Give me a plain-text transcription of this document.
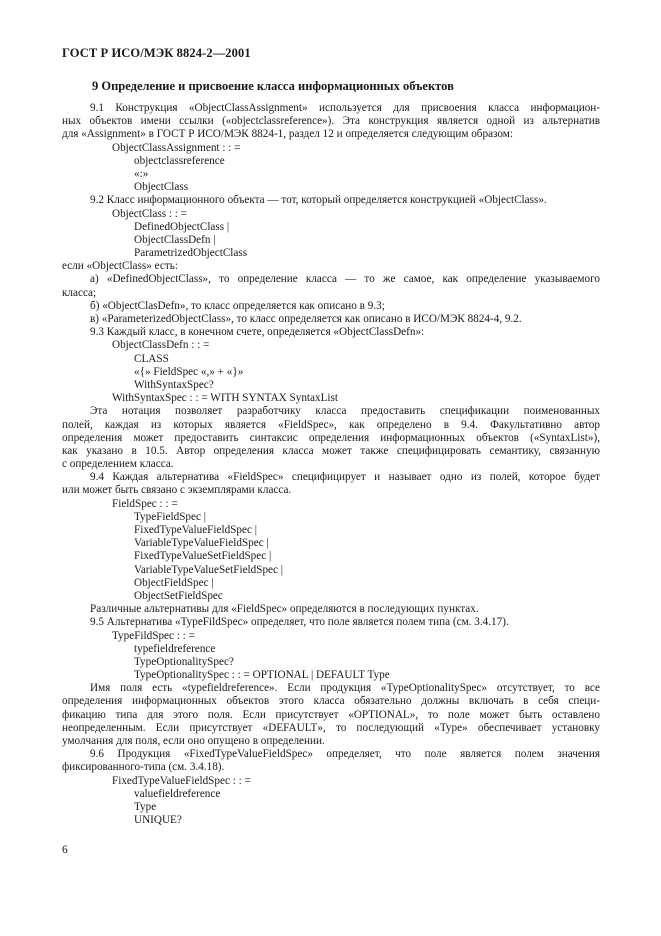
ГОСТ Р ИСО/МЭК 8824-2—2001
9 Определение и присвоение класса информационных объектов
9.1 Конструкция «ObjectClassAssignment» используется для присвоения класса информацион-
ных объектов имени ссылки («objectclassreference»). Эта конструкция является одной из альтернатив
для «Assignment» в ГОСТ Р ИСО/МЭК 8824-1, раздел 12 и определяется следующим образом:
ObjectClassAssignment : : =
objectclassreference
«:»
ObjectClass
9.2 Класс информационного объекта — тот, который определяется конструкцией «ObjectClass».
ObjectClass : : =
DefinedObjectClass |
ObjectClassDefn |
ParametrizedObjectClass
если «ObjectClass» есть:
а) «DefinedObjectClass», то определение класса — то же самое, как определение указываемого
класса;
б) «ObjectClasDefn», то класс определяется как описано в 9.3;
в) «ParameterizedObjectClass», то класс определяется как описано в ИСО/МЭК 8824-4, 9.2.
9.3 Каждый класс, в конечном счете, определяется «ObjectClassDefn»:
ObjectClassDefn : : =
CLASS
«{» FieldSpec «,» + «}»
WithSyntaxSpec?
WithSyntaxSpec : : = WITH SYNTAX SyntaxList
Эта нотация позволяет разработчику класса предоставить спецификации поименованных
полей, каждая из которых является «FieldSpec», как определено в 9.4. Факультативно автор
определения может предоставить синтаксис определения информационных объектов («SyntaxList»),
как указано в 10.5. Автор определения класса может также специфицировать семантику, связанную
с определением класса.
9.4 Каждая альтернатива «FieldSpec» специфицирует и называет одно из полей, которое будет
или может быть связано с экземплярами класса.
FieldSpec : : =
TypeFieldSpec |
FixedTypeValueFieldSpec |
VariableTypeValueFieldSpec |
FixedTypeValueSetFieldSpec |
VariableTypeValueSetFieldSpec |
ObjectFieldSpec |
ObjectSetFieldSpec
Различные альтернативы для «FieldSpec» определяются в последующих пунктах.
9.5 Альтернатива «TypeFildSpec» определяет, что поле является полем типа (см. 3.4.17).
TypeFildSpec : : =
typefieldreference
TypeOptionalitySpec?
TypeOptionalitySpec : : = OPTIONAL | DEFAULT Type
Имя поля есть «typefieldreference». Если продукция «TypeOptionalitySpec» отсутствует, то все
определения информационных объектов этого класса обязательно должны включать в себя специ-
фикацию типа для этого поля. Если присутствует «OPTIONAL», то поле может быть оставлено
неопределенным. Если присутствует «DEFAULT», то последующий «Type» обеспечивает установку
умолчания для поля, если оно опущено в определении.
9.6 Продукция «FixedTypeValueFieldSpec» определяет, что поле является полем значения
фиксированного-типа (см. 3.4.18).
FixedTypeValueFieldSpec : : =
valuefieldreference
Type
UNIQUE?
6
